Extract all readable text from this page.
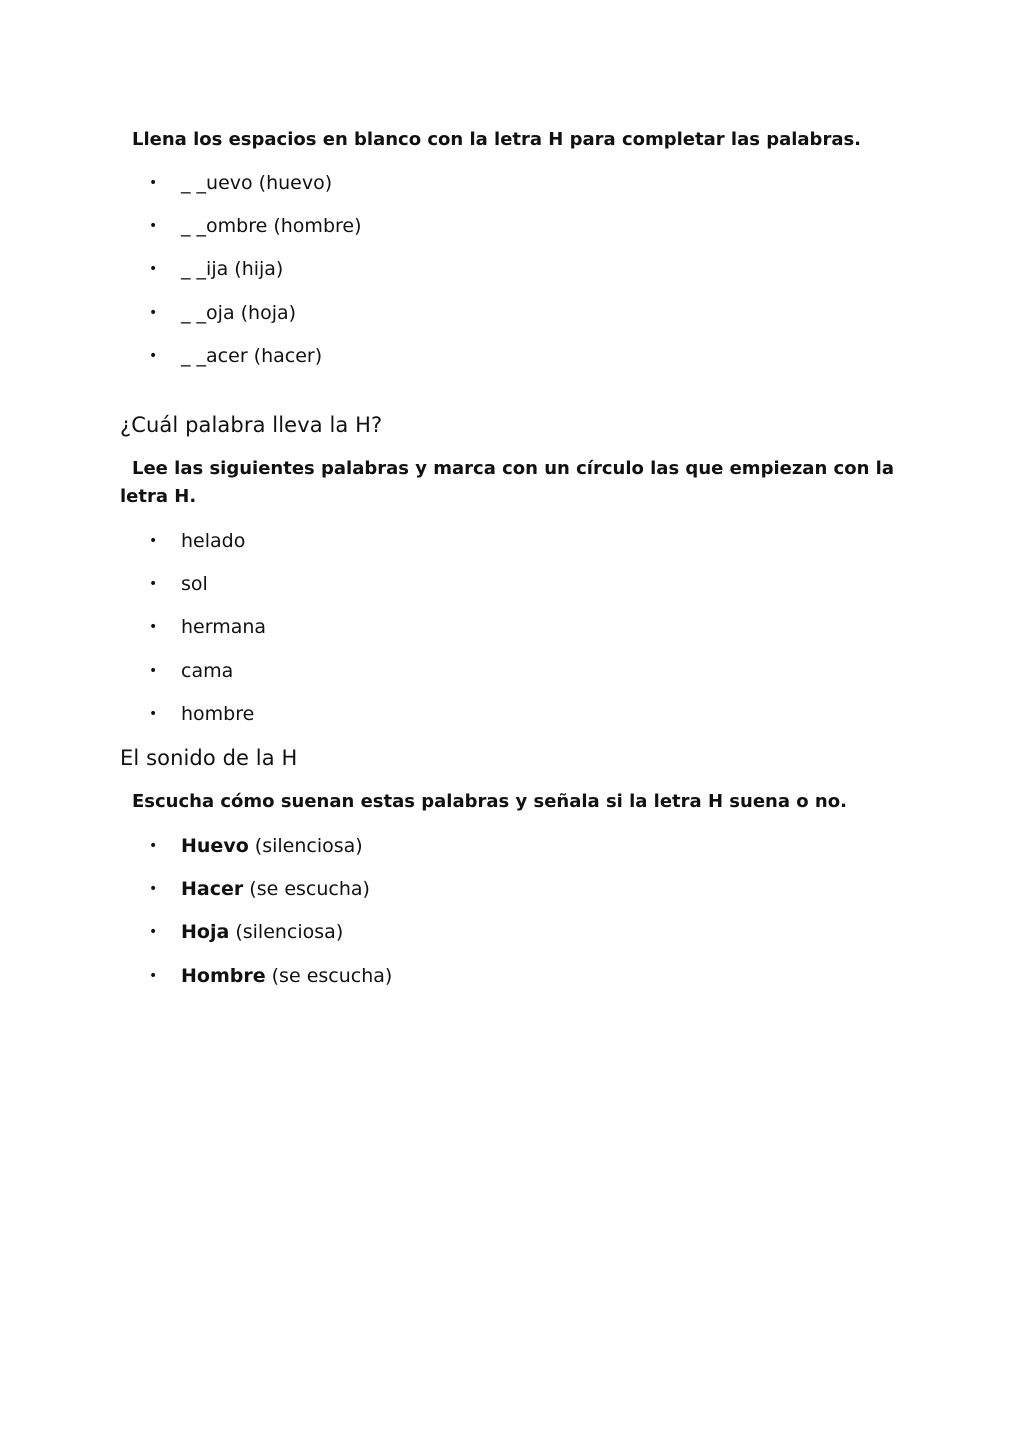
Llena los espacios en blanco con la letra H para completar las palabras.

• _ _uevo (huevo)
• _ _ombre (hombre)
• _ _ija (hija)
• _ _oja (hoja)
• _ _acer (hacer)
¿Cuál palabra lleva la H?

Lee las siguientes palabras y marca con un círculo las que empiezan con la

letra H.

• helado
• sol
• hermana
• cama
• hombre
El sonido de la H

Escucha cómo suenan estas palabras y señala si la letra H suena o no.

• Huevo (silenciosa)
• Hacer (se escucha)
• Hoja (silenciosa)
• Hombre (se escucha)
